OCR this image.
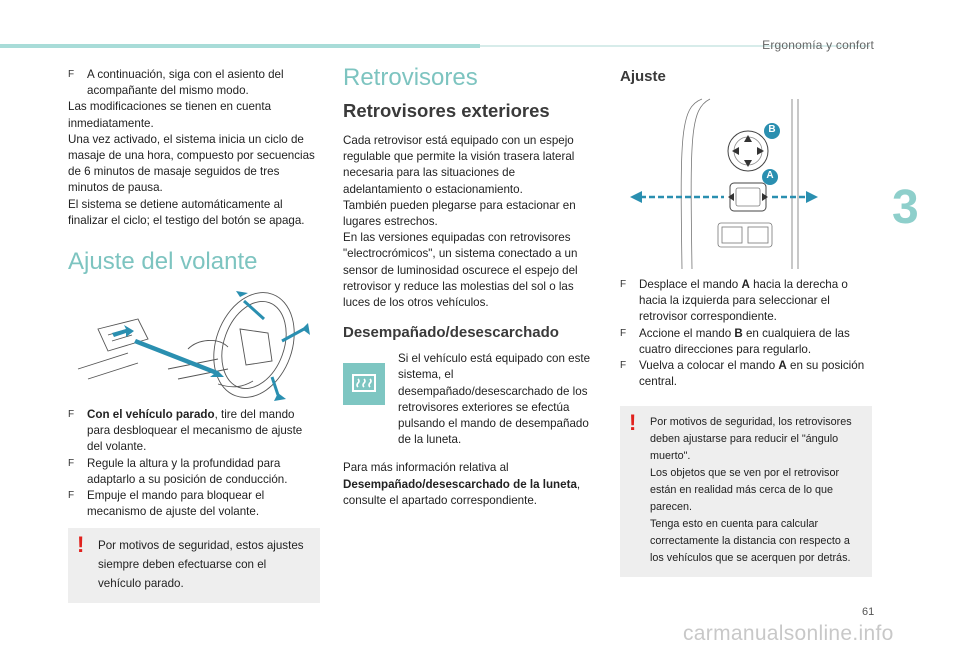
Ergonomía y confort
3
61
carmanualsonline.info
F	A continuación, siga con el asiento del acompañante del mismo modo.

Las modificaciones se tienen en cuenta inmediatamente.

Una vez activado, el sistema inicia un ciclo de masaje de una hora, compuesto por secuencias de 6 minutos de masaje seguidos de tres minutos de pausa.

El sistema se detiene automáticamente al finalizar el ciclo; el testigo del botón se apaga.

Ajuste del volante
F	Con el vehículo parado, tire del mando para desbloquear el mecanismo de ajuste del volante.
F	Regule la altura y la profundidad para adaptarlo a su posición de conducción.
F	Empuje el mando para bloquear el mecanismo de ajuste del volante.
! Por motivos de seguridad, estos ajustes siempre deben efectuarse con el vehículo parado.
Retrovisores
Retrovisores exteriores

Cada retrovisor está equipado con un espejo regulable que permite la visión trasera lateral necesaria para las situaciones de adelantamiento o estacionamiento.

También pueden plegarse para estacionar en lugares estrechos.

En las versiones equipadas con retrovisores "electrocrómicos", un sistema conectado a un sensor de luminosidad oscurece el espejo del retrovisor y reduce las molestias del sol o las luces de los otros vehículos.

Desempañado/desescarchado

Si el vehículo está equipado con este sistema, el desempañado/desescarchado de los retrovisores exteriores se efectúa pulsando el mando de desempañado de la luneta.

Para más información relativa al Desempañado/desescarchado de la luneta, consulte el apartado correspondiente.

Ajuste
B
A
F	Desplace el mando A hacia la derecha o hacia la izquierda para seleccionar el retrovisor correspondiente.
F	Accione el mando B en cualquiera de las cuatro direcciones para regularlo.
F	Vuelva a colocar el mando A en su posición central.
! Por motivos de seguridad, los retrovisores deben ajustarse para reducir el "ángulo muerto".

Los objetos que se ven por el retrovisor están en realidad más cerca de lo que parecen.

Tenga esto en cuenta para calcular correctamente la distancia con respecto a los vehículos que se acerquen por detrás.
